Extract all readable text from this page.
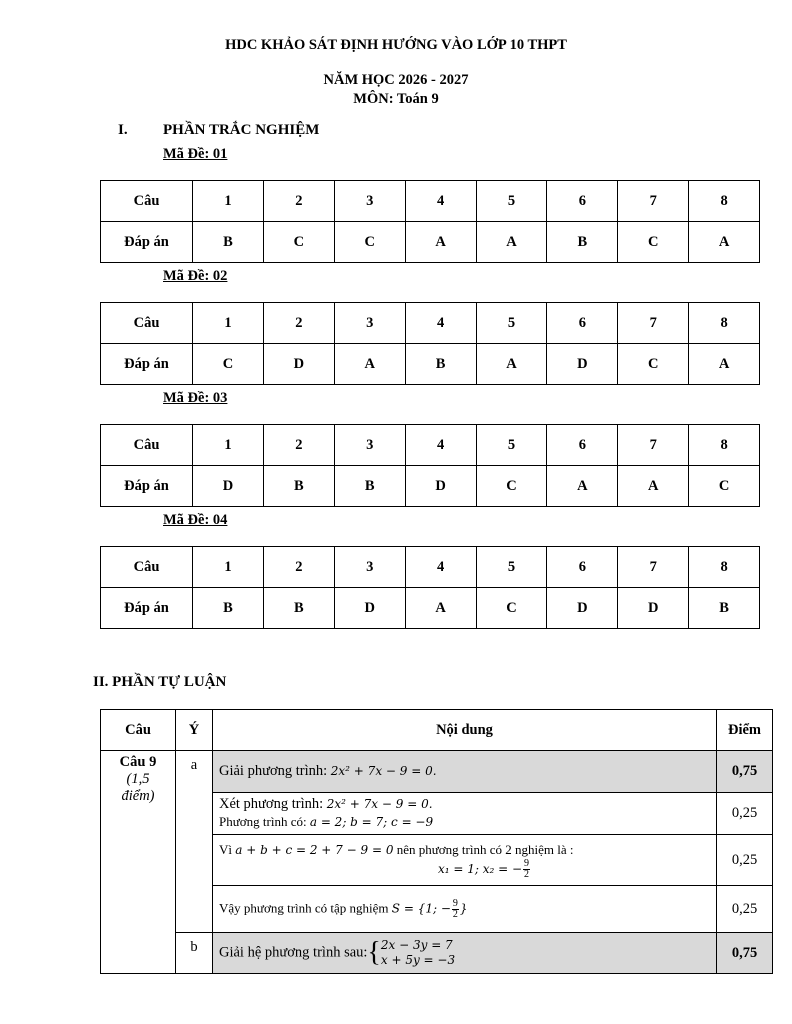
HDC KHẢO SÁT ĐỊNH HƯỚNG VÀO LỚP 10 THPT
NĂM HỌC 2026 - 2027
MÔN: Toán 9
I. PHẦN TRẮC NGHIỆM
Mã Đề: 01
Câu	1	2	3	4	5	6	7	8
Đáp án	B	C	C	A	A	B	C	A
Mã Đề: 02
Câu	1	2	3	4	5	6	7	8
Đáp án	C	D	A	B	A	D	C	A
Mã Đề: 03
Câu	1	2	3	4	5	6	7	8
Đáp án	D	B	B	D	C	A	A	C
Mã Đề: 04
Câu	1	2	3	4	5	6	7	8
Đáp án	B	B	D	A	C	D	D	B
II. PHẦN TỰ LUẬN
Câu	Ý	Nội dung	Điểm

Câu 9
(1,5
điểm)	a	Giải phương trình: 2x² + 7x − 9 = 0.	0,75

		Xét phương trình: 2x² + 7x − 9 = 0.
Phương trình có: a = 2; b = 7; c = −9	0,25

		Vì a + b + c = 2 + 7 − 9 = 0 nên phương trình có 2 nghiệm là :
x₁ = 1; x₂ = − $\frac{9}{2}$	0,25

		Vậy phương trình có tập nghiệm S = {1; − $\frac{9}{2}$ }	0,25
	b	Giải hệ phương trình sau:{ 2x − 3y = 7
x + 5y = −3	0,75
